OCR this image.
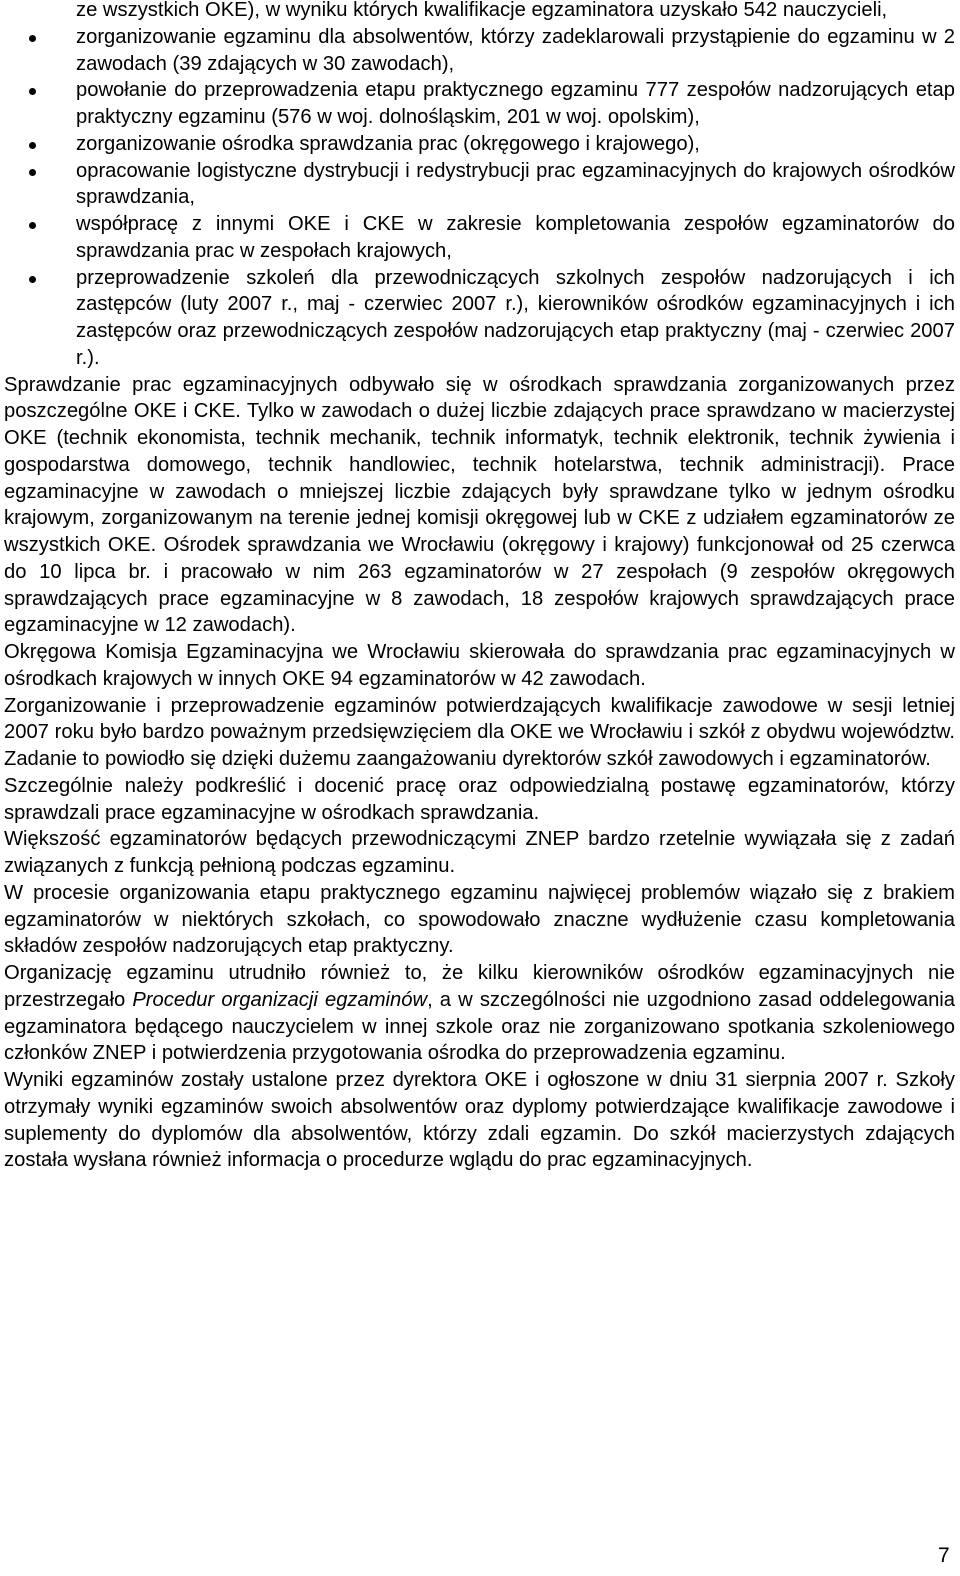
ze wszystkich OKE), w wyniku których kwalifikacje egzaminatora uzyskało 542 nauczycieli,
zorganizowanie egzaminu dla absolwentów, którzy zadeklarowali przystąpienie do egzaminu w 2 zawodach (39 zdających w 30 zawodach),
powołanie do przeprowadzenia etapu praktycznego egzaminu 777 zespołów nadzorujących etap praktyczny egzaminu (576 w woj. dolnośląskim, 201 w woj. opolskim),
zorganizowanie ośrodka sprawdzania prac (okręgowego i krajowego),
opracowanie logistyczne dystrybucji i redystrybucji prac egzaminacyjnych do krajowych ośrodków sprawdzania,
współpracę z innymi OKE i CKE w zakresie kompletowania zespołów egzaminatorów do sprawdzania prac w zespołach krajowych,
przeprowadzenie szkoleń dla przewodniczących szkolnych zespołów nadzorujących i ich zastępców (luty 2007 r., maj - czerwiec 2007 r.), kierowników ośrodków egzaminacyjnych i ich zastępców oraz przewodniczących zespołów nadzorujących etap praktyczny (maj - czerwiec 2007 r.).

Sprawdzanie prac egzaminacyjnych odbywało się w ośrodkach sprawdzania zorganizowanych przez poszczególne OKE i CKE. Tylko w zawodach o dużej liczbie zdających prace sprawdzano w macierzystej OKE (technik ekonomista, technik mechanik, technik informatyk, technik elektronik, technik żywienia i gospodarstwa domowego, technik handlowiec, technik hotelarstwa, technik administracji). Prace egzaminacyjne w zawodach o mniejszej liczbie zdających były sprawdzane tylko w jednym ośrodku krajowym, zorganizowanym na terenie jednej komisji okręgowej lub w CKE z udziałem egzaminatorów ze wszystkich OKE. Ośrodek sprawdzania we Wrocławiu (okręgowy i krajowy) funkcjonował od 25 czerwca do 10 lipca br. i pracowało w nim 263 egzaminatorów w 27 zespołach (9 zespołów okręgowych sprawdzających prace egzaminacyjne w 8 zawodach, 18 zespołów krajowych sprawdzających prace egzaminacyjne w 12 zawodach).

Okręgowa Komisja Egzaminacyjna we Wrocławiu skierowała do sprawdzania prac egzaminacyjnych w ośrodkach krajowych w innych OKE 94 egzaminatorów w 42 zawodach.

Zorganizowanie i przeprowadzenie egzaminów potwierdzających kwalifikacje zawodowe w sesji letniej 2007 roku było bardzo poważnym przedsięwzięciem dla OKE we Wrocławiu i szkół z obydwu województw. Zadanie to powiodło się dzięki dużemu zaangażowaniu dyrektorów szkół zawodowych i egzaminatorów.

Szczególnie należy podkreślić i docenić pracę oraz odpowiedzialną postawę egzaminatorów, którzy sprawdzali prace egzaminacyjne w ośrodkach sprawdzania.

Większość egzaminatorów będących przewodniczącymi ZNEP bardzo rzetelnie wywiązała się z zadań związanych z funkcją pełnioną podczas egzaminu.

W procesie organizowania etapu praktycznego egzaminu najwięcej problemów wiązało się z brakiem egzaminatorów w niektórych szkołach, co spowodowało znaczne wydłużenie czasu kompletowania składów zespołów nadzorujących etap praktyczny.

Organizację egzaminu utrudniło również to, że kilku kierowników ośrodków egzaminacyjnych nie przestrzegało Procedur organizacji egzaminów, a w szczególności nie uzgodniono zasad oddelegowania egzaminatora będącego nauczycielem w innej szkole oraz nie zorganizowano spotkania szkoleniowego członków ZNEP i potwierdzenia przygotowania ośrodka do przeprowadzenia egzaminu.

Wyniki egzaminów zostały ustalone przez dyrektora OKE i ogłoszone w dniu 31 sierpnia 2007 r. Szkoły otrzymały wyniki egzaminów swoich absolwentów oraz dyplomy potwierdzające kwalifikacje zawodowe i suplementy do dyplomów dla absolwentów, którzy zdali egzamin. Do szkół macierzystych zdających została wysłana również informacja o procedurze wglądu do prac egzaminacyjnych.

7
